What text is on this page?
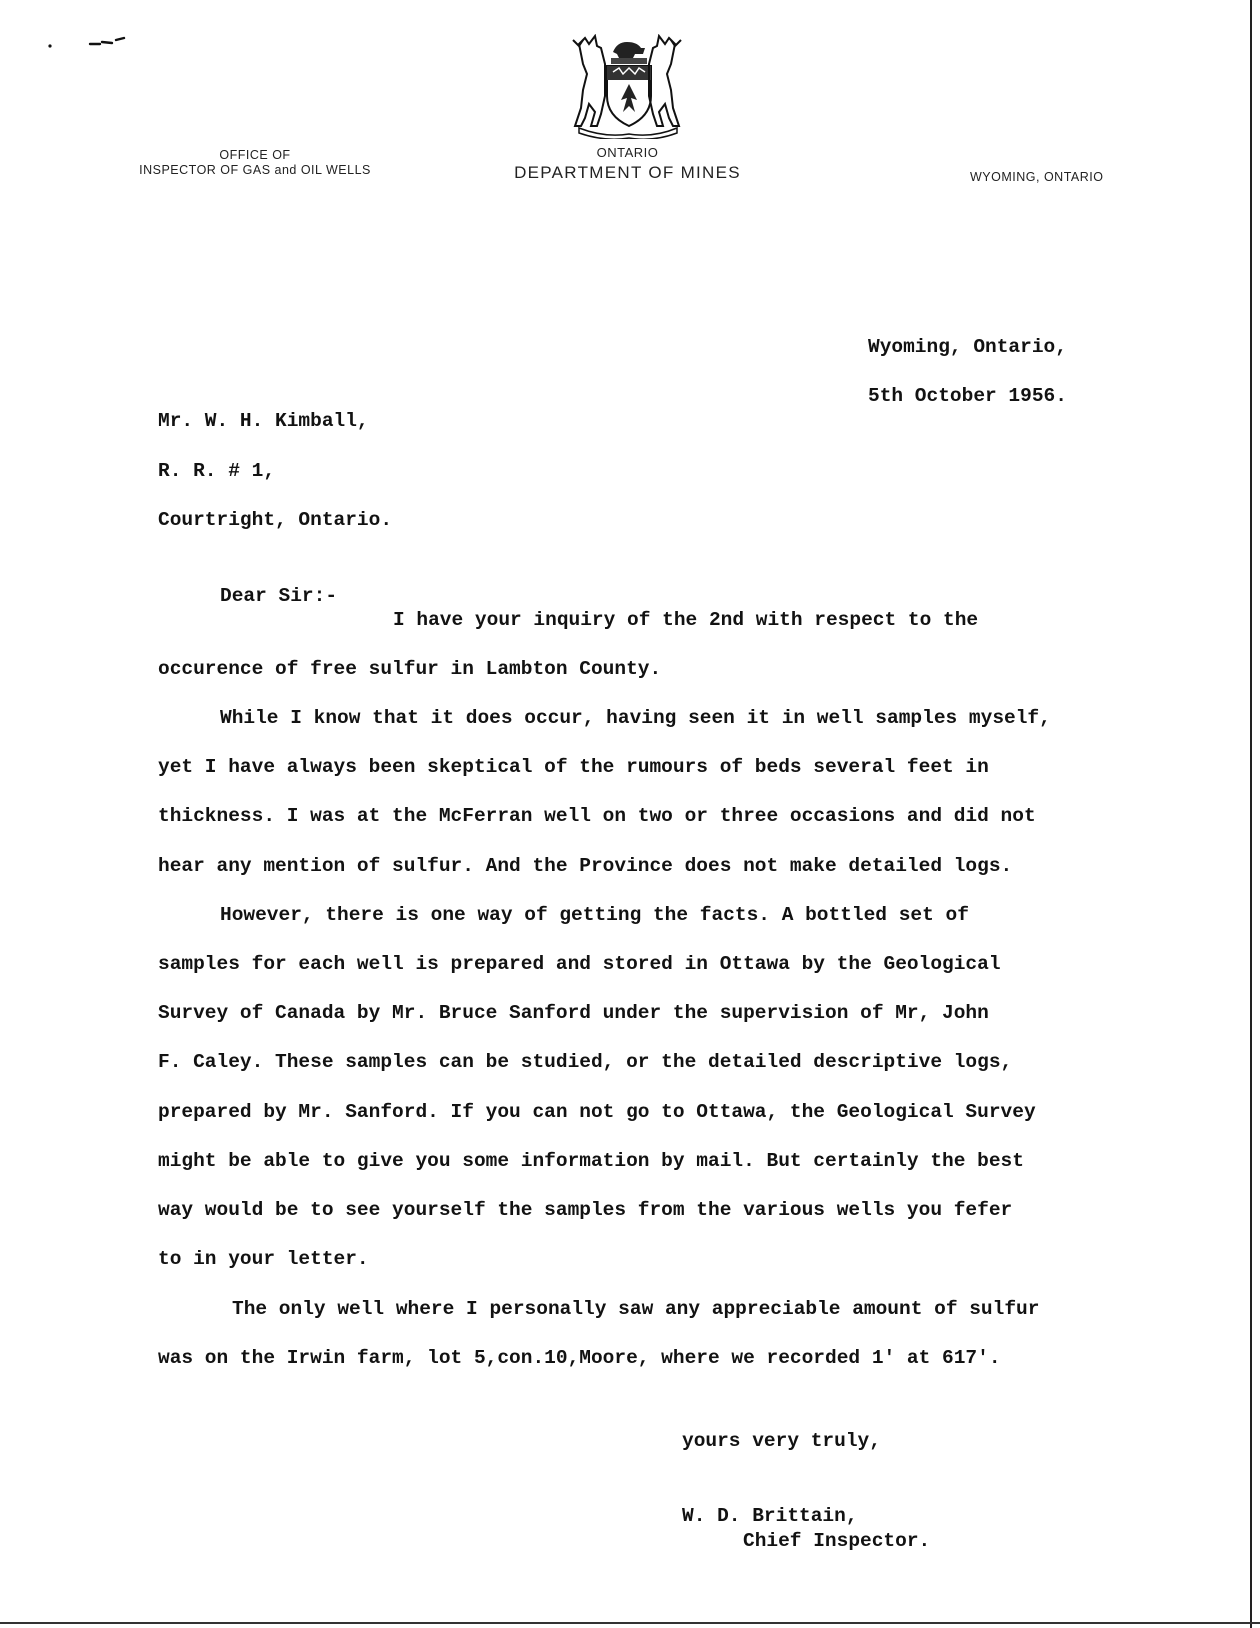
OFFICE OF
INSPECTOR OF GAS and OIL WELLS
ONTARIO
DEPARTMENT OF MINES	WYOMING, ONTARIO
Wyoming, Ontario,
5th October 1956.
Mr. W. H. Kimball,
R. R. # 1,
Courtright, Ontario.
Dear Sir:-
I have your inquiry of the 2nd with respect to the
occurence of free sulfur in Lambton County.
While I know that it does occur, having seen it in well samples myself,
yet I have always been skeptical of the rumours of beds several feet in
thickness. I was at the McFerran well on two or three occasions and did not
hear any mention of sulfur. And the Province does not make detailed logs.
However, there is one way of getting the facts. A bottled set of
samples for each well is prepared and stored in Ottawa by the Geological
Survey of Canada by Mr. Bruce Sanford under the supervision of Mr, John
F. Caley. These samples can be studied, or the detailed descriptive logs,
prepared by Mr. Sanford. If you can not go to Ottawa, the Geological Survey
might be able to give you some information by mail. But certainly the best
way would be to see yourself the samples from the various wells you fefer
to in your letter.
The only well where I personally saw any appreciable amount of sulfur
was on the Irwin farm, lot 5,con.10,Moore, where we recorded 1' at 617'.
yours very truly,
W. D. Brittain,
Chief Inspector.
